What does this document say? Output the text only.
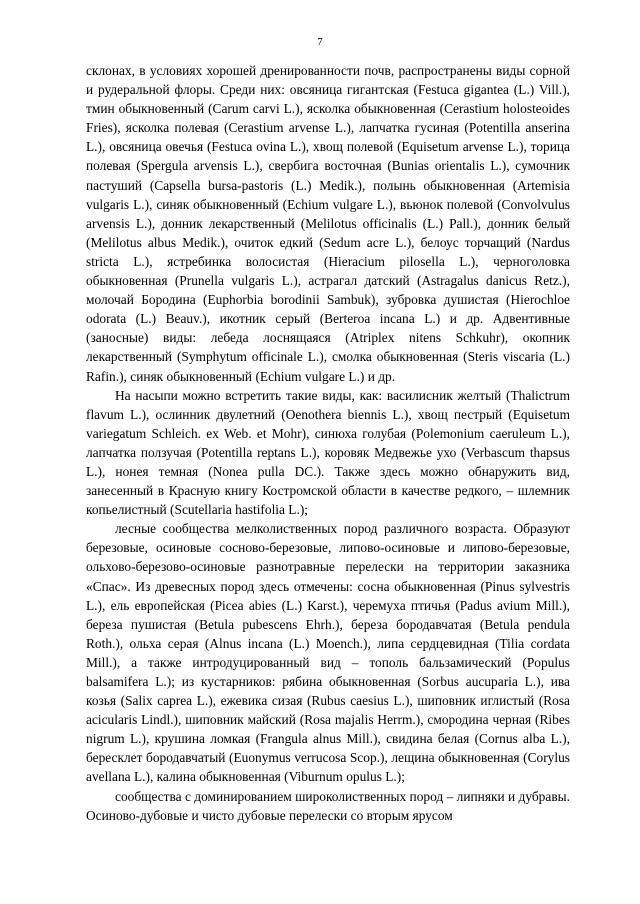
7

склонах, в условиях хорошей дренированности почв, распространены виды сорной и рудеральной флоры. Среди них: овсяница гигантская (Festuca gigantea (L.) Vill.), тмин обыкновенный (Carum carvi L.), ясколка обыкновенная (Cerastium holosteoides Fries), ясколка полевая (Cerastium arvense L.), лапчатка гусиная (Potentilla anserina L.), овсяница овечья (Festuca ovina L.), хвощ полевой (Equisetum arvense L.), торица полевая (Spergula arvensis L.), свербига восточная (Bunias orientalis L.), сумочник пастуший (Capsella bursa-pastoris (L.) Medik.), полынь обыкновенная (Artemisia vulgaris L.), синяк обыкновенный (Echium vulgare L.), вьюнок полевой (Convolvulus arvensis L.), донник лекарственный (Melilotus officinalis (L.) Pall.), донник белый (Melilotus albus Medik.), очиток едкий (Sedum acre L.), белоус торчащий (Nardus stricta L.), ястребинка волосистая (Hieracium pilosella L.), черноголовка обыкновенная (Prunella vulgaris L.), астрагал датский (Astragalus danicus Retz.), молочай Бородина (Euphorbia borodinii Sambuk), зубровка душистая (Hierochloe odorata (L.) Beauv.), икотник серый (Berteroa incana L.) и др. Адвентивные (заносные) виды: лебеда лоснящаяся (Atriplex nitens Schkuhr), окопник лекарственный (Symphytum officinale L.), смолка обыкновенная (Steris viscaria (L.) Rafin.), синяк обыкновенный (Echium vulgare L.) и др.

На насыпи можно встретить такие виды, как: василисник желтый (Thalictrum flavum L.), ослинник двулетний (Oenothera biennis L.), хвощ пестрый (Equisetum variegatum Schleich. ex Web. et Mohr), синюха голубая (Polemonium caeruleum L.), лапчатка ползучая (Potentilla reptans L.), коровяк Медвежье ухо (Verbascum thapsus L.), нонея темная (Nonea pulla DC.). Также здесь можно обнаружить вид, занесенный в Красную книгу Костромской области в качестве редкого, – шлемник копьелистный (Scutellaria hastifolia L.);

лесные сообщества мелколиственных пород различного возраста. Образуют березовые, осиновые сосново-березовые, липово-осиновые и липово-березовые, ольхово-березово-осиновые разнотравные перелески на территории заказника «Спас». Из древесных пород здесь отмечены: сосна обыкновенная (Pinus sylvestris L.), ель европейская (Picea abies (L.) Karst.), черемуха птичья (Padus avium Mill.), береза пушистая (Betula pubescens Ehrh.), береза бородавчатая (Betula pendula Roth.), ольха серая (Alnus incana (L.) Moench.), липа сердцевидная (Tilia cordata Mill.), а также интродуцированный вид – тополь бальзамический (Populus balsamifera L.); из кустарников: рябина обыкновенная (Sorbus aucuparia L.), ива козья (Salix caprea L.), ежевика сизая (Rubus caesius L.), шиповник иглистый (Rosa acicularis Lindl.), шиповник майский (Rosa majalis Herrm.), смородина черная (Ribes nigrum L.), крушина ломкая (Frangula alnus Mill.), свидина белая (Cornus alba L.), бересклет бородавчатый (Euonymus verrucosa Scop.), лещина обыкновенная (Corylus avellana L.), калина обыкновенная (Viburnum opulus L.);

сообщества с доминированием широколиственных пород – липняки и дубравы. Осиново-дубовые и чисто дубовые перелески со вторым ярусом
